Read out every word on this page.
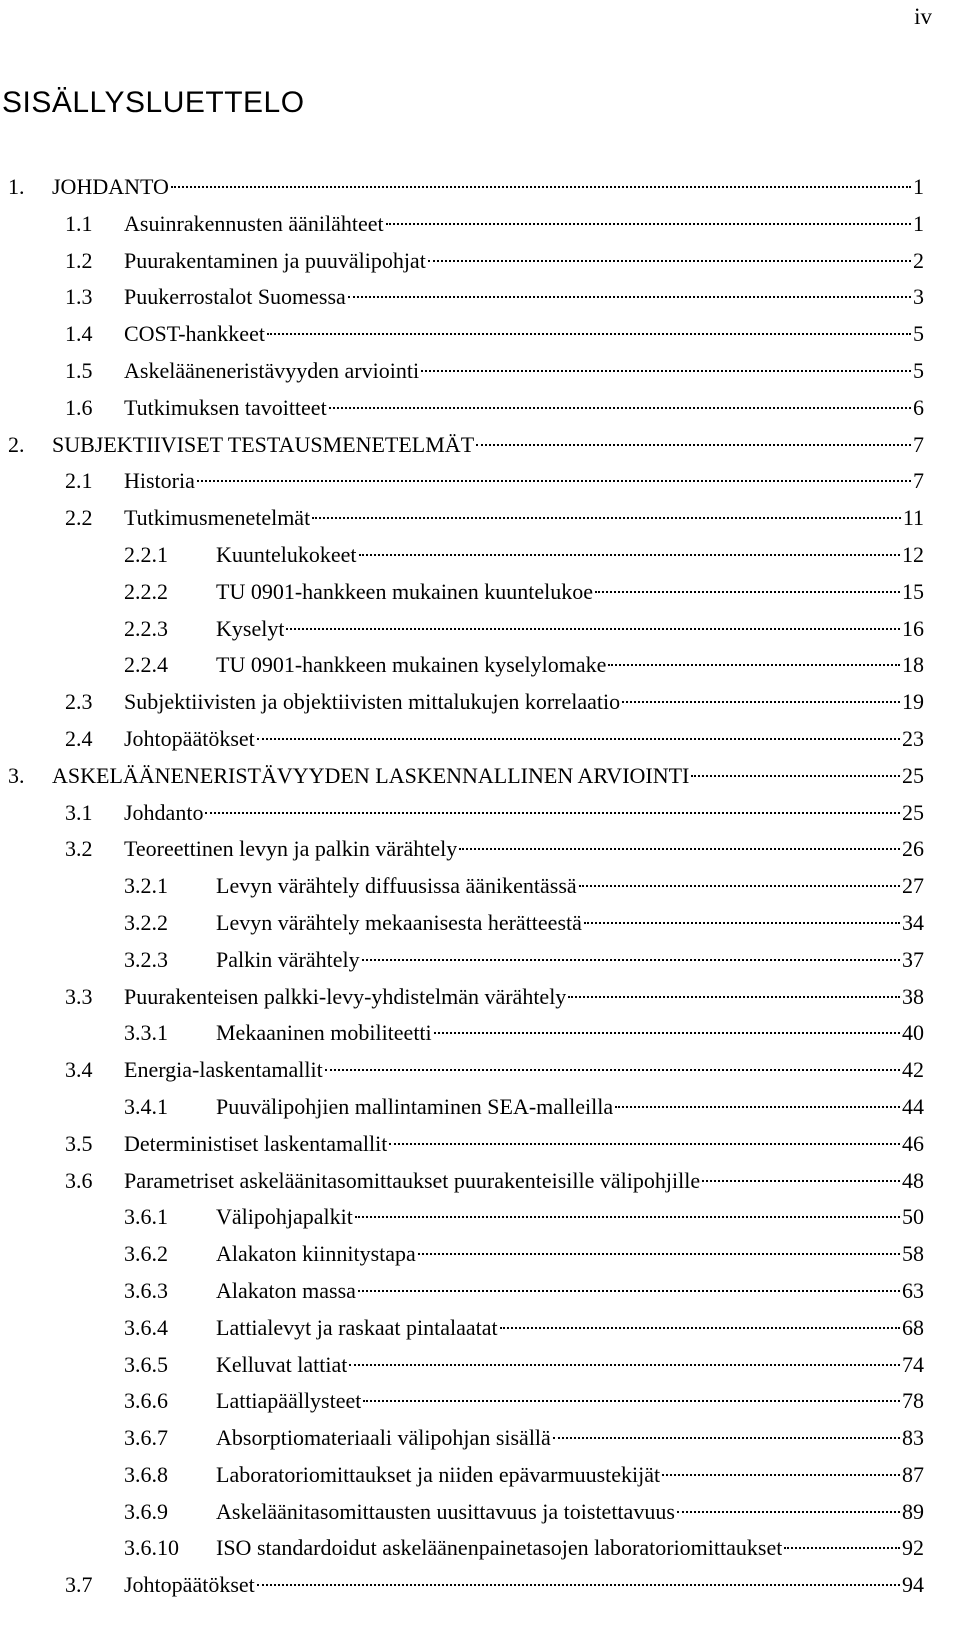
iv
SISÄLLYSLUETTELO
1. JOHDANTO	1
1.1 Asuinrakennusten äänilähteet	1
1.2 Puurakentaminen ja puuvälipohjat	2
1.3 Puukerrostalot Suomessa	3
1.4 COST-hankkeet	5
1.5 Askelääneneristävyyden arviointi	5
1.6 Tutkimuksen tavoitteet	6
2. SUBJEKTIIVISET TESTAUSMENETELMÄT	7
2.1 Historia	7
2.2 Tutkimusmenetelmät	11
2.2.1 Kuuntelukokeet	12
2.2.2 TU 0901-hankkeen mukainen kuuntelukoe	15
2.2.3 Kyselyt	16
2.2.4 TU 0901-hankkeen mukainen kyselylomake	18
2.3 Subjektiivisten ja objektiivisten mittalukujen korrelaatio	19
2.4 Johtopäätökset	23
3. ASKELÄÄNENERISTÄVYYDEN LASKENNALLINEN ARVIOINTI	25
3.1 Johdanto	25
3.2 Teoreettinen levyn ja palkin värähtely	26
3.2.1 Levyn värähtely diffuusissa äänikentässä	27
3.2.2 Levyn värähtely mekaanisesta herätteestä	34
3.2.3 Palkin värähtely	37
3.3 Puurakenteisen palkki-levy-yhdistelmän värähtely	38
3.3.1 Mekaaninen mobiliteetti	40
3.4 Energia-laskentamallit	42
3.4.1 Puuvälipohjien mallintaminen SEA-malleilla	44
3.5 Deterministiset laskentamallit	46
3.6 Parametriset askeläänitasomittaukset puurakenteisille välipohjille	48
3.6.1 Välipohjapalkit	50
3.6.2 Alakaton kiinnitystapa	58
3.6.3 Alakaton massa	63
3.6.4 Lattialevyt ja raskaat pintalaatat	68
3.6.5 Kelluvat lattiat	74
3.6.6 Lattiapäällysteet	78
3.6.7 Absorptiomateriaali välipohjan sisällä	83
3.6.8 Laboratoriomittaukset ja niiden epävarmuustekijät	87
3.6.9 Askeläänitasomittausten uusittavuus ja toistettavuus	89
3.6.10 ISO standardoidut askeläänenpainetasojen laboratoriomittaukset	92
3.7 Johtopäätökset	94
